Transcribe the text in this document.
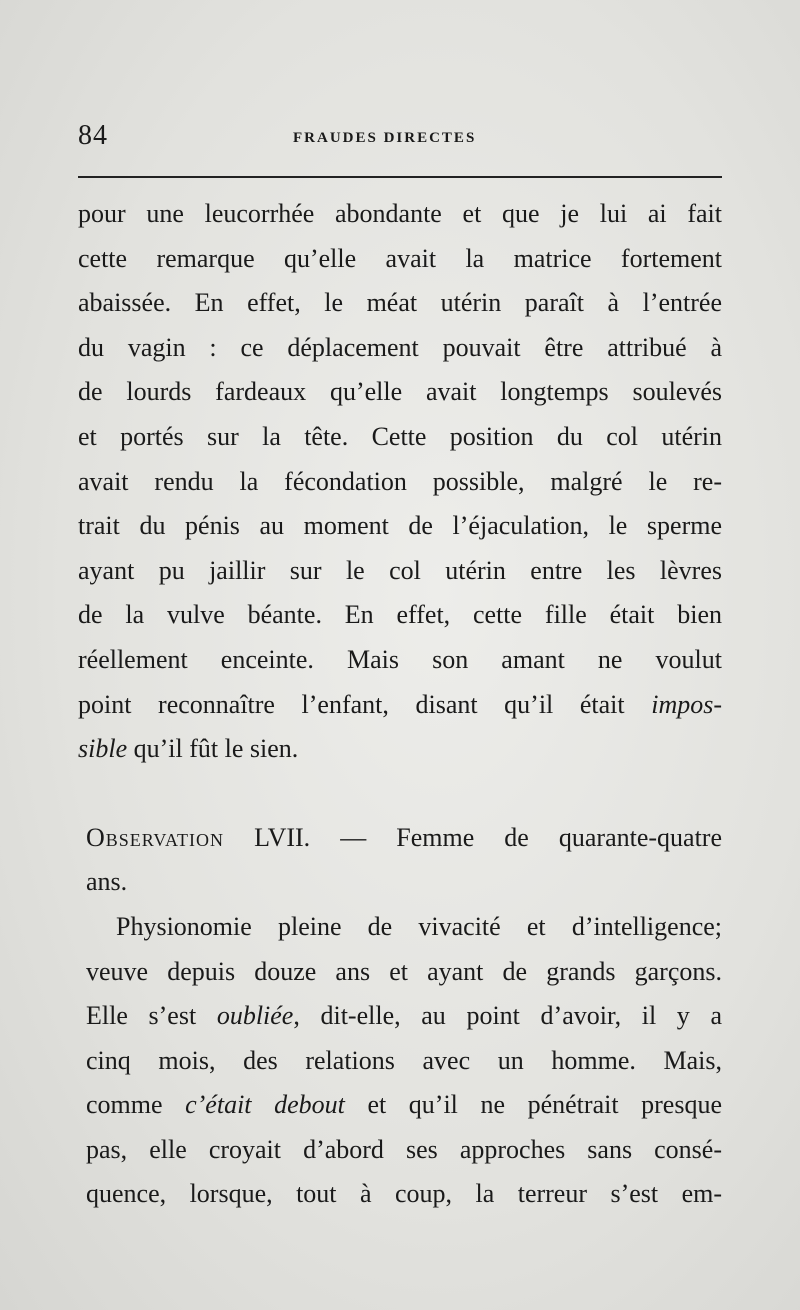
84	FRAUDES DIRECTES
pour une leucorrhée abondante et que je lui ai fait
cette remarque qu’elle avait la matrice fortement
abaissée. En effet, le méat utérin paraît à l’entrée
du vagin : ce déplacement pouvait être attribué à
de lourds fardeaux qu’elle avait longtemps soulevés
et portés sur la tête. Cette position du col utérin
avait rendu la fécondation possible, malgré le re-
trait du pénis au moment de l’éjaculation, le sperme
ayant pu jaillir sur le col utérin entre les lèvres
de la vulve béante. En effet, cette fille était bien
réellement enceinte. Mais son amant ne voulut
point reconnaître l’enfant, disant qu’il était impos-
sible qu’il fût le sien.
Observation LVII. — Femme de quarante-quatre
ans.
Physionomie pleine de vivacité et d’intelligence;
veuve depuis douze ans et ayant de grands garçons.
Elle s’est oubliée, dit-elle, au point d’avoir, il y a
cinq mois, des relations avec un homme. Mais,
comme c’était debout et qu’il ne pénétrait presque
pas, elle croyait d’abord ses approches sans consé-
quence, lorsque, tout à coup, la terreur s’est em-
